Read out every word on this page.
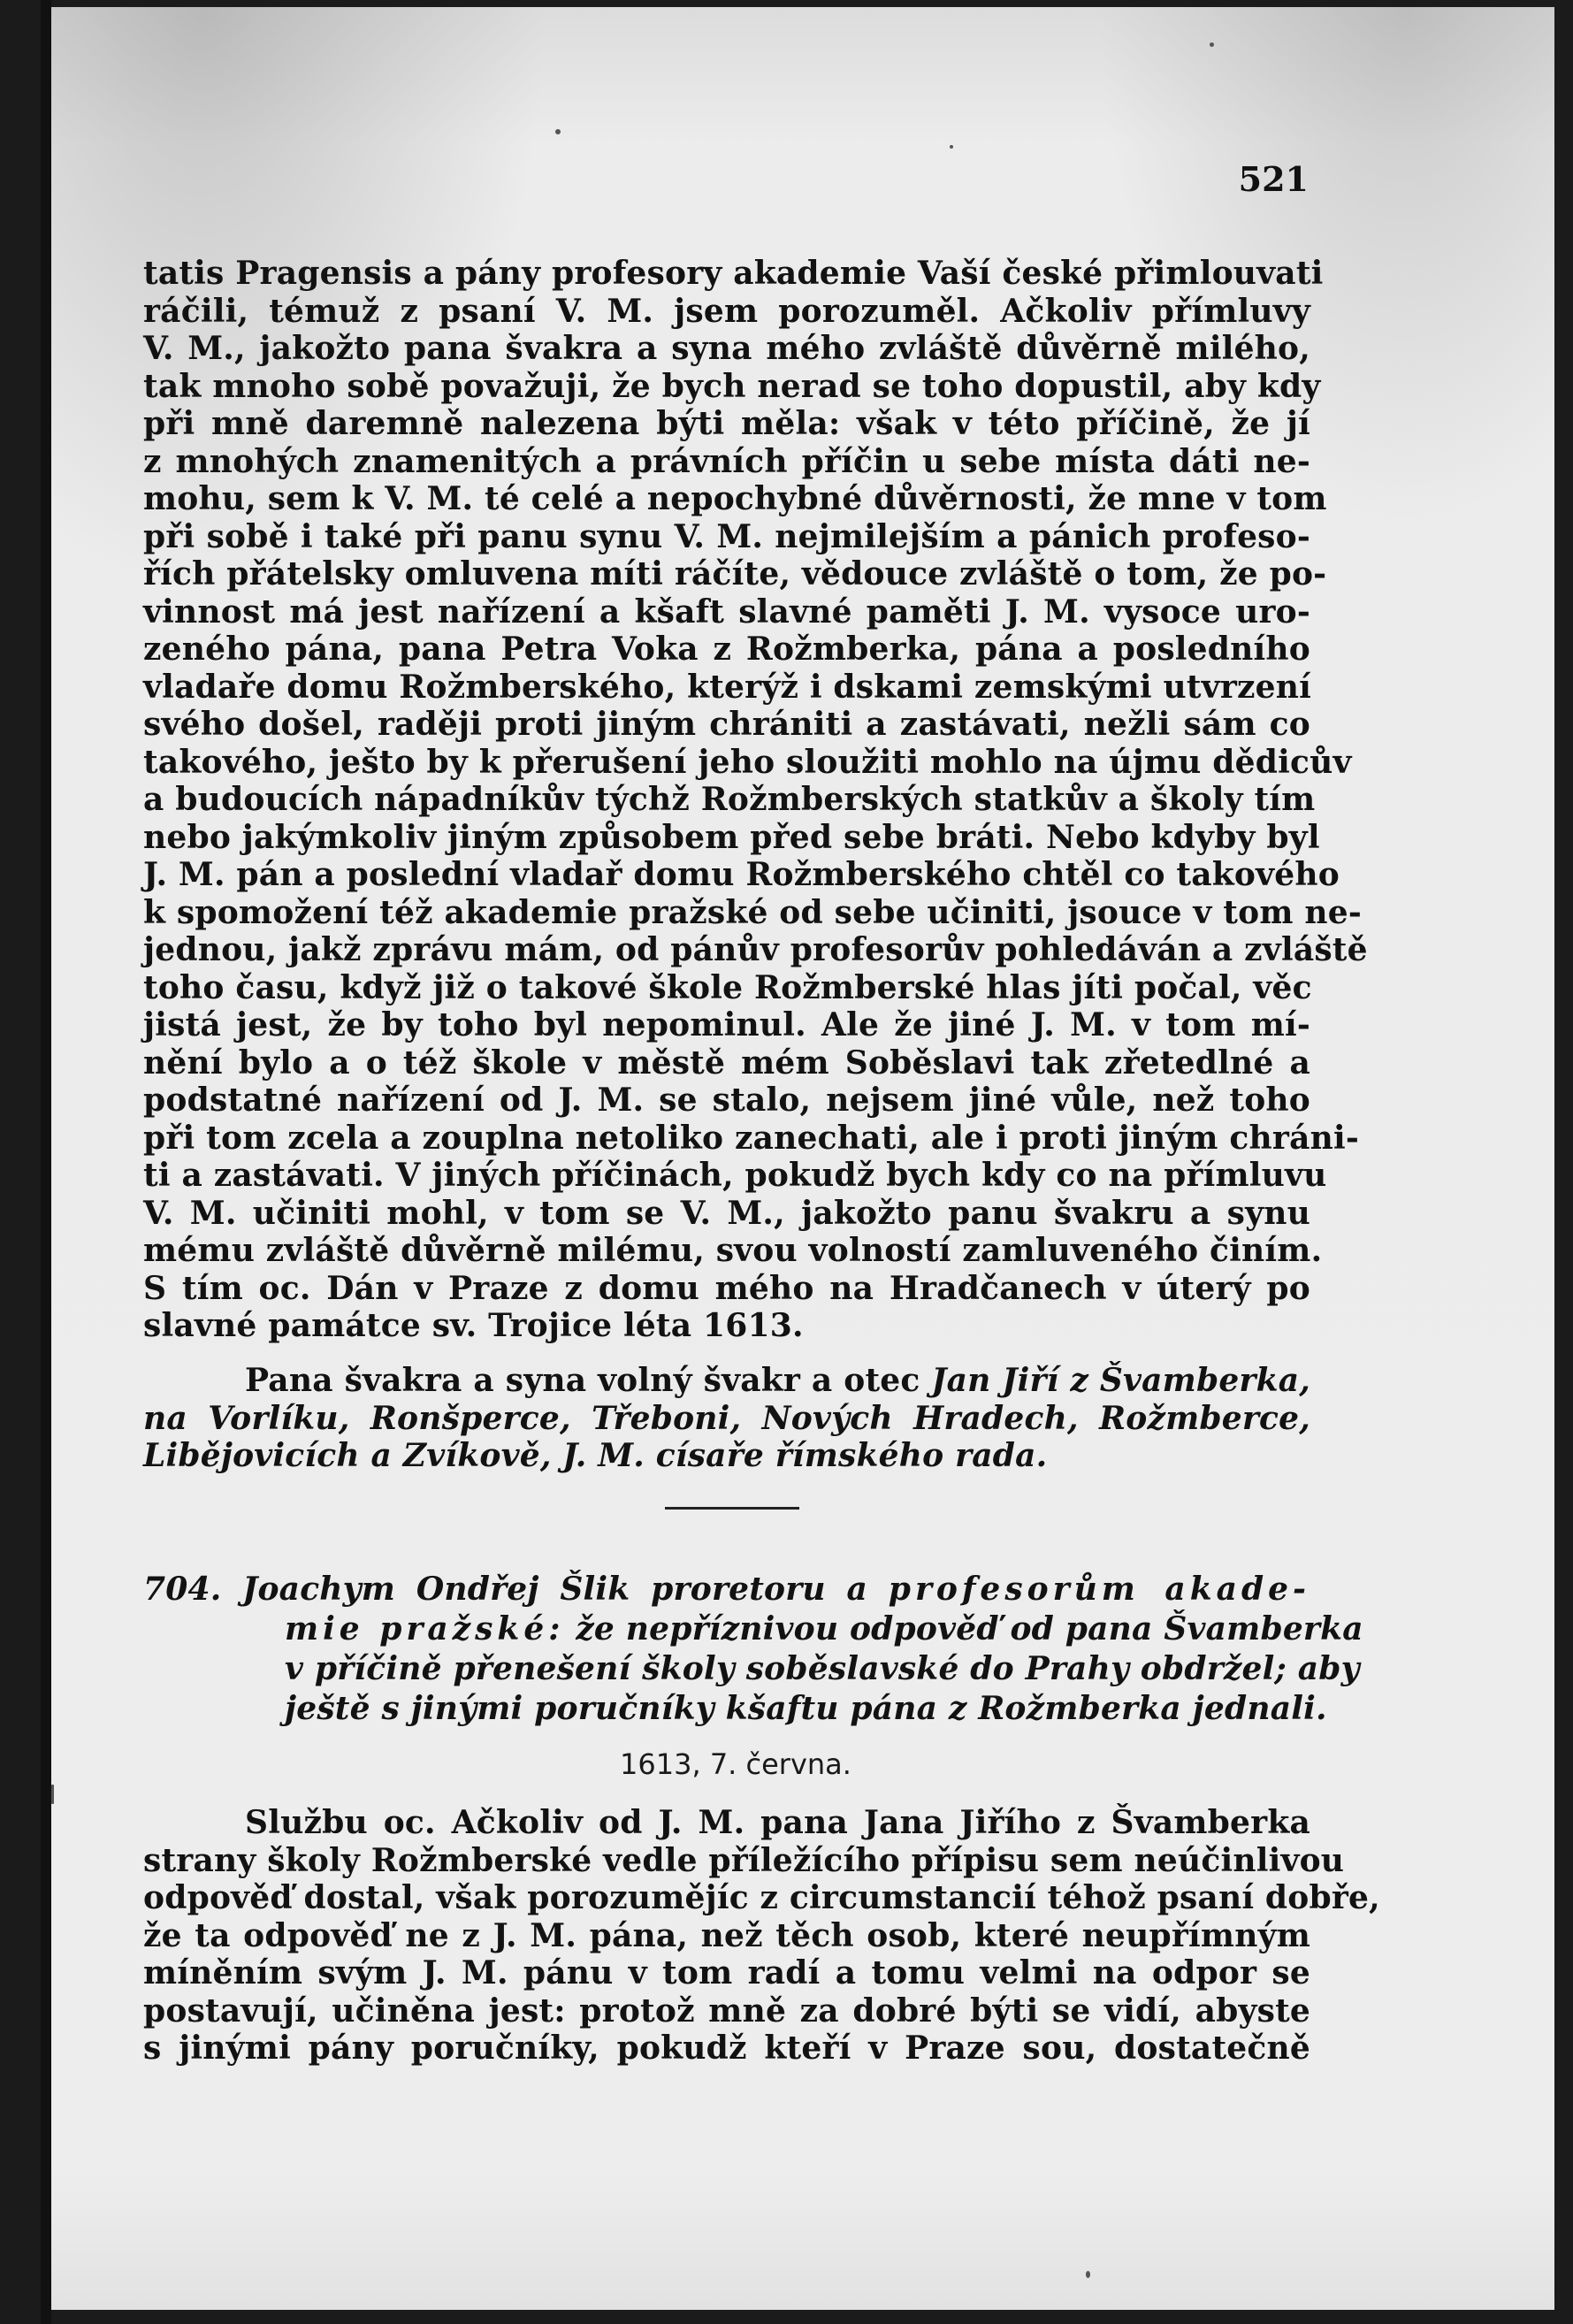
521
tatis Pragensis a pány profesory akademie Vaší české přimlouvati
ráčili, témuž z psaní V. M. jsem porozuměl. Ačkoliv přímluvy
V. M., jakožto pana švakra a syna mého zvláště důvěrně milého,
tak mnoho sobě považuji, že bych nerad se toho dopustil, aby kdy
při mně daremně nalezena býti měla: však v této příčině, že jí
z mnohých znamenitých a právních příčin u sebe místa dáti ne-
mohu, sem k V. M. té celé a nepochybné důvěrnosti, že mne v tom
při sobě i také při panu synu V. M. nejmilejším a pánich profeso-
řích přátelsky omluvena míti ráčíte, vědouce zvláště o tom, že po-
vinnost má jest nařízení a kšaft slavné paměti J. M. vysoce uro-
zeného pána, pana Petra Voka z Rožmberka, pána a posledního
vladaře domu Rožmberského, kterýž i dskami zemskými utvrzení
svého došel, raději proti jiným chrániti a zastávati, nežli sám co
takového, ješto by k přerušení jeho sloužiti mohlo na újmu dědicův
a budoucích nápadníkův týchž Rožmberských statkův a školy tím
nebo jakýmkoliv jiným způsobem před sebe bráti. Nebo kdyby byl
J. M. pán a poslední vladař domu Rožmberského chtěl co takového
k spomožení též akademie pražské od sebe učiniti, jsouce v tom ne-
jednou, jakž zprávu mám, od pánův profesorův pohledáván a zvláště
toho času, když již o takové škole Rožmberské hlas jíti počal, věc
jistá jest, že by toho byl nepominul. Ale že jiné J. M. v tom mí-
nění bylo a o též škole v městě mém Soběslavi tak zřetedlné a
podstatné nařízení od J. M. se stalo, nejsem jiné vůle, než toho
při tom zcela a zouplna netoliko zanechati, ale i proti jiným chráni-
ti a zastávati. V jiných příčinách, pokudž bych kdy co na přímluvu
V. M. učiniti mohl, v tom se V. M., jakožto panu švakru a synu
mému zvláště důvěrně milému, svou volností zamluveného činím.
S tím oc. Dán v Praze z domu mého na Hradčanech v úterý po
slavné památce sv. Trojice léta 1613.
Pana švakra a syna volný švakr a otec Jan Jiří z Švamberka,
na Vorlíku, Ronšperce, Třeboni, Nových Hradech, Rožmberce,
Libějovicích a Zvíkově, J. M. císaře římského rada.
704. Joachym Ondřej Šlik proretoru a profesorům akade-
mie pražské: že nepříznivou odpověď od pana Švamberka
v příčině přenešení školy soběslavské do Prahy obdržel; aby
ještě s jinými poručníky kšaftu pána z Rožmberka jednali.
1613, 7. června.
Službu oc. Ačkoliv od J. M. pana Jana Jiřího z Švamberka
strany školy Rožmberské vedle příležícího přípisu sem neúčinlivou
odpověď dostal, však porozumějíc z circumstancií téhož psaní dobře,
že ta odpověď ne z J. M. pána, než těch osob, které neupřímným
míněním svým J. M. pánu v tom radí a tomu velmi na odpor se
postavují, učiněna jest: protož mně za dobré býti se vidí, abyste
s jinými pány poručníky, pokudž kteří v Praze sou, dostatečně
